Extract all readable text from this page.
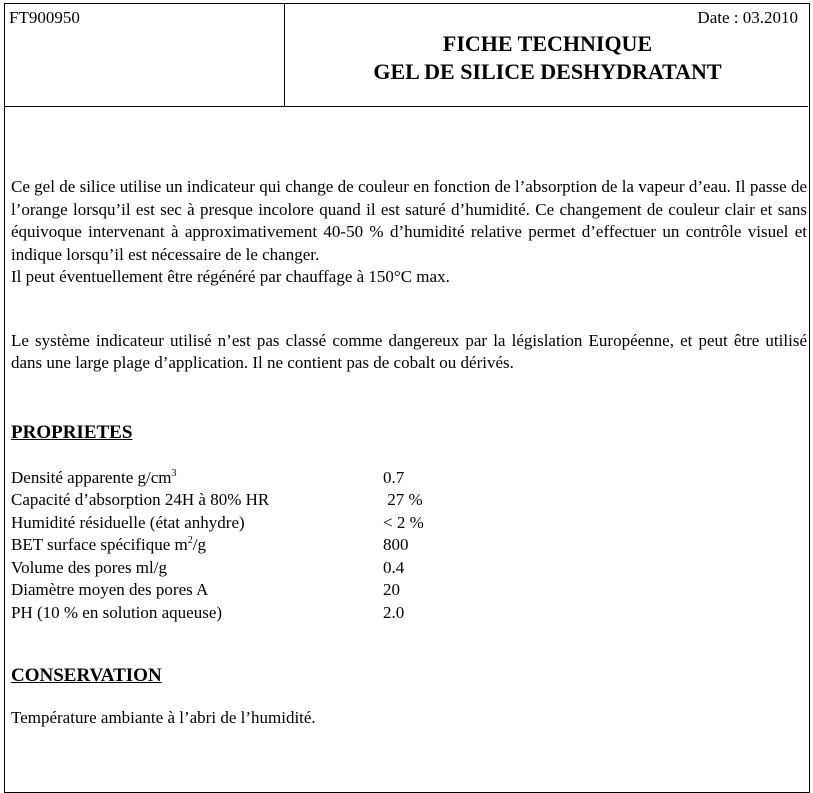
FT900950	Date : 03.2010
FICHE TECHNIQUE
GEL DE SILICE DESHYDRATANT

Ce gel de silice utilise un indicateur qui change de couleur en fonction de l’absorption de la vapeur d’eau. Il passe de l’orange lorsqu’il est sec à presque incolore quand il est saturé d’humidité. Ce changement de couleur clair et sans équivoque intervenant à approximativement 40-50 % d’humidité relative permet d’effectuer un contrôle visuel et indique lorsqu’il est nécessaire de le changer.

Il peut éventuellement être régénéré par chauffage à 150°C max.

Le système indicateur utilisé n’est pas classé comme dangereux par la législation Européenne, et peut être utilisé dans une large plage d’application. Il ne contient pas de cobalt ou dérivés.

PROPRIETES

Densité apparente $g/cm^3$	0.7
Capacité d’absorption 24H à 80% HR	27 %
Humidité résiduelle (état anhydre)	< 2 %
BET surface spécifique $m^2/g$	800
Volume des pores ml/g	0.4
Diamètre moyen des pores A	20
PH (10 % en solution aqueuse)	2.0

CONSERVATION

Température ambiante à l’abri de l’humidité.
